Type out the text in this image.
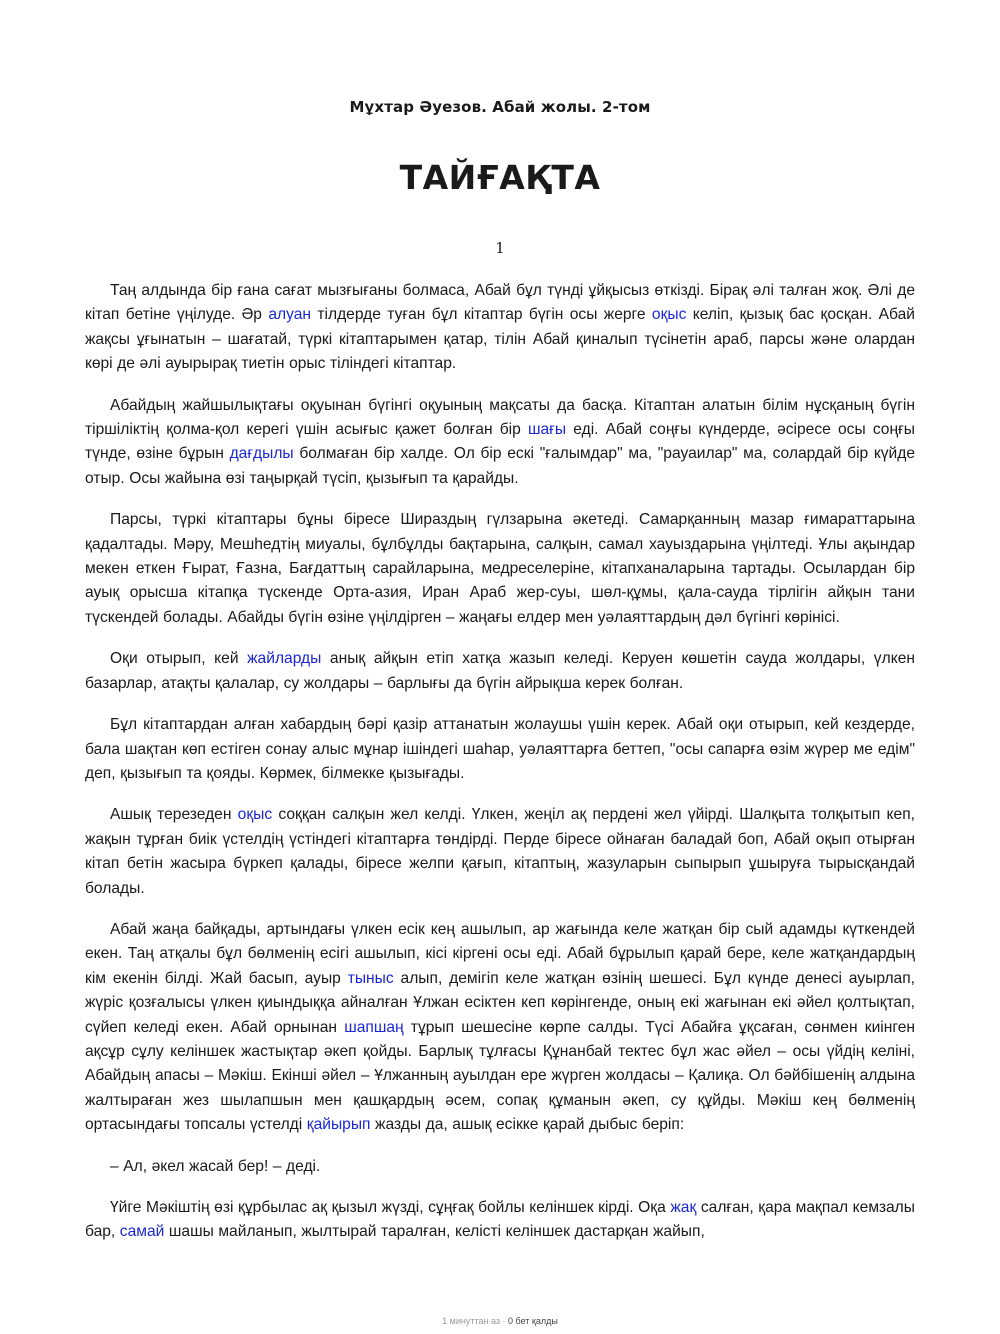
Мұхтар Әуезов. Абай жолы. 2-том
ТАЙҒАҚТА
1

Таң алдында бір ғана сағат мызғығаны болмаса, Абай бұл түнді ұйқысыз өткізді. Бірақ әлі талған жоқ. Әлі де кітап бетіне үңілуде. Әр алуан тілдерде туған бұл кітаптар бүгін осы жерге оқыс келіп, қызық бас қосқан. Абай жақсы ұғынатын – шағатай, түркі кітаптарымен қатар, тілін Абай қиналып түсінетін араб, парсы және олардан көрі де әлі ауырырақ тиетін орыс тіліндегі кітаптар.

Абайдың жайшылықтағы оқуынан бүгінгі оқуының мақсаты да басқа. Кітаптан алатын білім нұсқаның бүгін тіршіліктің қолма-қол керегі үшін асығыс қажет болған бір шағы еді. Абай соңғы күндерде, әсіресе осы соңғы түнде, өзіне бұрын дағдылы болмаған бір халде. Ол бір ескі "ғалымдар" ма, "рауаилар" ма, солардай бір күйде отыр. Осы жайына өзі таңырқай түсіп, қызығып та қарайды.

Парсы, түркі кітаптары бұны біресе Шираздың гүлзарына әкетеді. Самарқанның мазар ғимараттарына қадалтады. Мәру, Мешһедтің миуалы, бұлбұлды бақтарына, салқын, самал хауыздарына үңілтеді. Ұлы ақындар мекен еткен Ғырат, Ғазна, Бағдаттың сарайларына, медреселеріне, кітапханаларына тартады. Осылардан бір ауық орысша кітапқа түскенде Орта-азия, Иран Араб жер-суы, шөл-құмы, қала-сауда тірлігін айқын тани түскендей болады. Абайды бүгін өзіне үңілдірген – жаңағы елдер мен уәлаяттардың дәл бүгінгі көрінісі.

Оқи отырып, кей жайларды анық айқын етіп хатқа жазып келеді. Керуен көшетін сауда жолдары, үлкен базарлар, атақты қалалар, су жолдары – барлығы да бүгін айрықша керек болған.

Бұл кітаптардан алған хабардың бәрі қазір аттанатын жолаушы үшін керек. Абай оқи отырып, кей кездерде, бала шақтан көп естіген сонау алыс мұнар ішіндегі шаһар, уәлаяттарға беттеп, "осы сапарға өзім жүрер ме едім" деп, қызығып та қояды. Көрмек, білмекке қызығады.

Ашық терезеден оқыс соққан салқын жел келді. Үлкен, жеңіл ақ пердені жел үйірді. Шалқыта толқытып кеп, жақын тұрған биік үстелдің үстіндегі кітаптарға төндірді. Перде біресе ойнаған баладай боп, Абай оқып отырған кітап бетін жасыра бүркеп қалады, біресе желпи қағып, кітаптың, жазуларын сыпырып ұшыруға тырысқандай болады.

Абай жаңа байқады, артындағы үлкен есік кең ашылып, ар жағында келе жатқан бір сый адамды күткендей екен. Таң атқалы бұл бөлменің есігі ашылып, кісі кіргені осы еді. Абай бұрылып қарай бере, келе жатқандардың кім екенін білді. Жай басып, ауыр тыныс алып, демігіп келе жатқан өзінің шешесі. Бұл күнде денесі ауырлап, жүріс қозғалысы үлкен қиындыққа айналған Ұлжан есіктен кеп көрінгенде, оның екі жағынан екі әйел қолтықтап, сүйеп келеді екен. Абай орнынан шапшаң тұрып шешесіне көрпе салды. Түсі Абайға ұқсаған, сөнмен киінген ақсұр сұлу келіншек жастықтар әкеп қойды. Барлық тұлғасы Құнанбай тектес бұл жас әйел – осы үйдің келіні, Абайдың апасы – Мәкіш. Екінші әйел – Ұлжанның ауылдан ере жүрген жолдасы – Қалиқа. Ол бәйбішенің алдына жалтыраған жез шылапшын мен қашқардың әсем, сопақ құманын әкеп, су құйды. Мәкіш кең бөлменің ортасындағы топсалы үстелді қайырып жазды да, ашық есікке қарай дыбыс беріп:

– Ал, әкел жасай бер! – деді.

Үйге Мәкіштің өзі құрбылас ақ қызыл жүзді, сұңғақ бойлы келіншек кірді. Оқа жақ салған, қара мақпал кемзалы бар, самай шашы майланып, жылтырай таралған, келісті келіншек дастарқан жайып,

1 минуттан аз · 0 бет қалды
